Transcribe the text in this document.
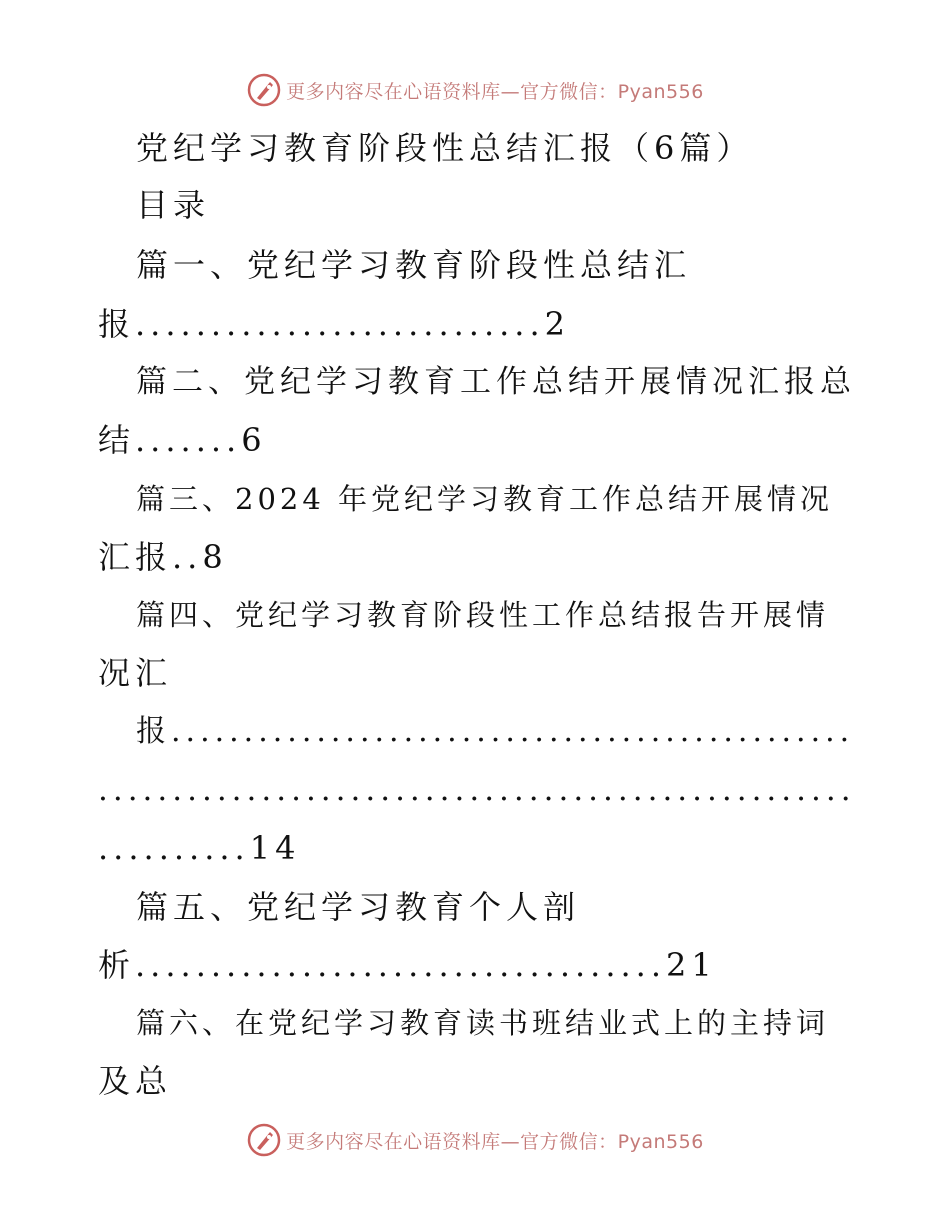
更多内容尽在心语资料库—官方微信：Pyan556
党纪学习教育阶段性总结汇报（6篇）
目录
篇一、党纪学习教育阶段性总结汇
报...........................2
篇二、党纪学习教育工作总结开展情况汇报总
结.......6
篇三、2024 年党纪学习教育工作总结开展情况
汇报..8
篇四、党纪学习教育阶段性工作总结报告开展情
况汇
报...............................................
...................................................
..........14
篇五、党纪学习教育个人剖
析...................................21
篇六、在党纪学习教育读书班结业式上的主持词
及总
更多内容尽在心语资料库—官方微信：Pyan556
